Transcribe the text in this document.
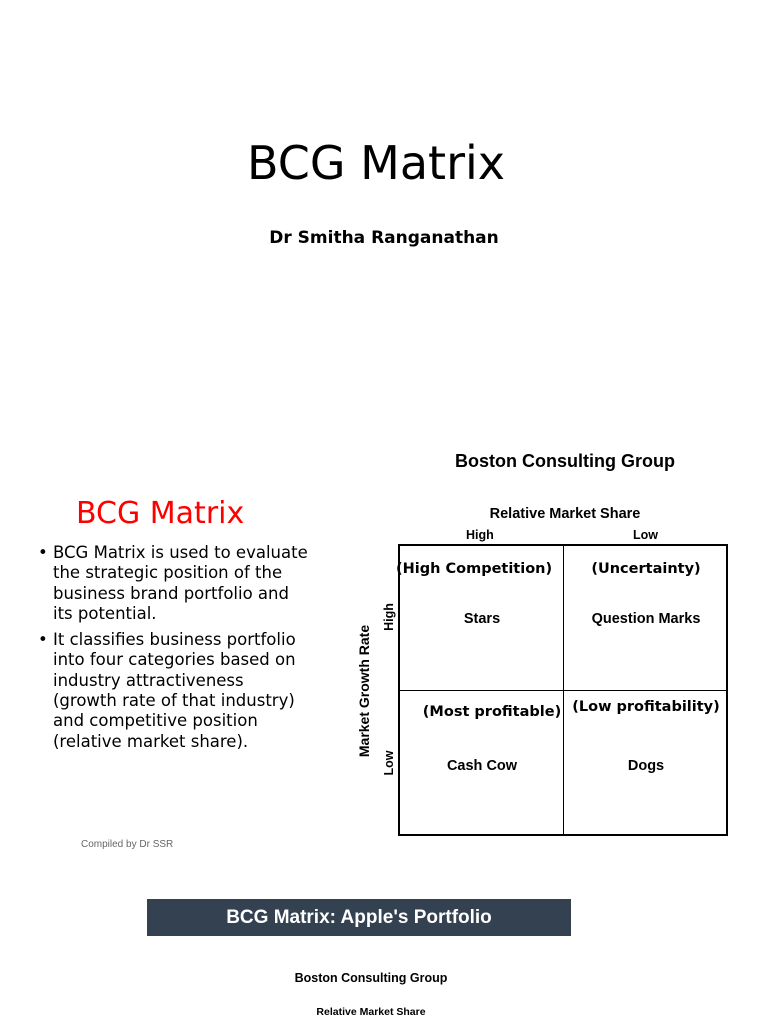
BCG Matrix
Dr Smitha Ranganathan
BCG Matrix
• BCG Matrix is used to evaluate the strategic position of the business brand portfolio and its potential.
• It classifies business portfolio into four categories based on industry attractiveness (growth rate of that industry) and competitive position (relative market share).
Compiled by Dr SSR
Boston Consulting Group
Relative Market Share
High	Low
Market Growth Rate
High
Low
(High Competition)
Stars
(Uncertainty)
Question Marks
(Most profitable)
Cash Cow
(Low profitability)
Dogs
BCG Matrix: Apple's Portfolio
Boston Consulting Group
Relative Market Share
